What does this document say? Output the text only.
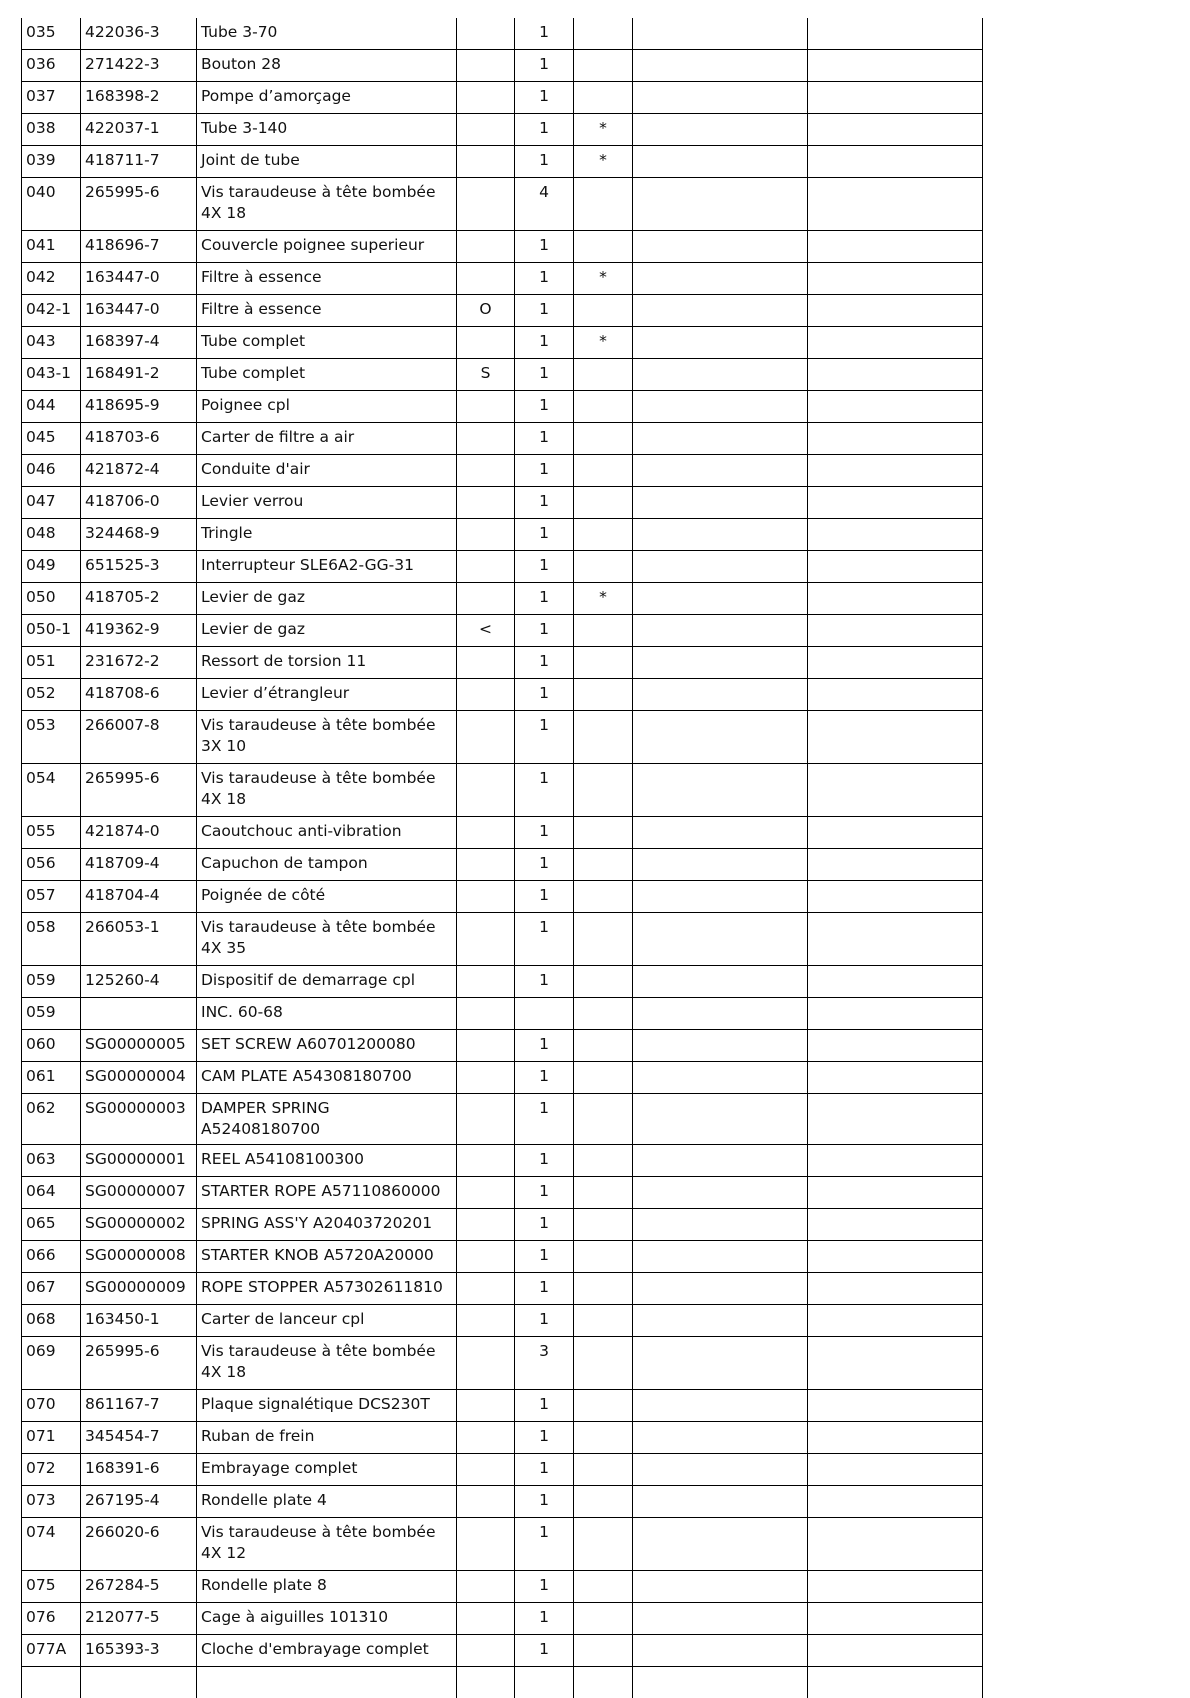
035	422036-3	Tube 3-70		1			
036	271422-3	Bouton 28		1			
037	168398-2	Pompe d’amorçage		1			
038	422037-1	Tube 3-140		1	*		
039	418711-7	Joint de tube		1	*		
040	265995-6	Vis taraudeuse à tête bombée 4X 18		4			
041	418696-7	Couvercle poignee superieur		1			
042	163447-0	Filtre à essence		1	*		
042-1	163447-0	Filtre à essence	O	1			
043	168397-4	Tube complet		1	*		
043-1	168491-2	Tube complet	S	1			
044	418695-9	Poignee cpl		1			
045	418703-6	Carter de filtre a air		1			
046	421872-4	Conduite d'air		1			
047	418706-0	Levier verrou		1			
048	324468-9	Tringle		1			
049	651525-3	Interrupteur SLE6A2-GG-31		1			
050	418705-2	Levier de gaz		1	*		
050-1	419362-9	Levier de gaz	<	1			
051	231672-2	Ressort de torsion 11		1			
052	418708-6	Levier d’étrangleur		1			
053	266007-8	Vis taraudeuse à tête bombée 3X 10		1			
054	265995-6	Vis taraudeuse à tête bombée 4X 18		1			
055	421874-0	Caoutchouc anti-vibration		1			
056	418709-4	Capuchon de tampon		1			
057	418704-4	Poignée de côté		1			
058	266053-1	Vis taraudeuse à tête bombée 4X 35		1			
059	125260-4	Dispositif de demarrage cpl		1			
059		INC. 60-68					
060	SG00000005	SET SCREW A60701200080		1			
061	SG00000004	CAM PLATE A54308180700		1			
062	SG00000003	DAMPER SPRING A52408180700		1			
063	SG00000001	REEL A54108100300		1			
064	SG00000007	STARTER ROPE A57110860000		1			
065	SG00000002	SPRING ASS'Y A20403720201		1			
066	SG00000008	STARTER KNOB A5720A20000		1			
067	SG00000009	ROPE STOPPER A57302611810		1			
068	163450-1	Carter de lanceur cpl		1			
069	265995-6	Vis taraudeuse à tête bombée 4X 18		3			
070	861167-7	Plaque signalétique DCS230T		1			
071	345454-7	Ruban de frein		1			
072	168391-6	Embrayage complet		1			
073	267195-4	Rondelle plate 4		1			
074	266020-6	Vis taraudeuse à tête bombée 4X 12		1			
075	267284-5	Rondelle plate 8		1			
076	212077-5	Cage à aiguilles 101310		1			
077A	165393-3	Cloche d'embrayage complet		1			
